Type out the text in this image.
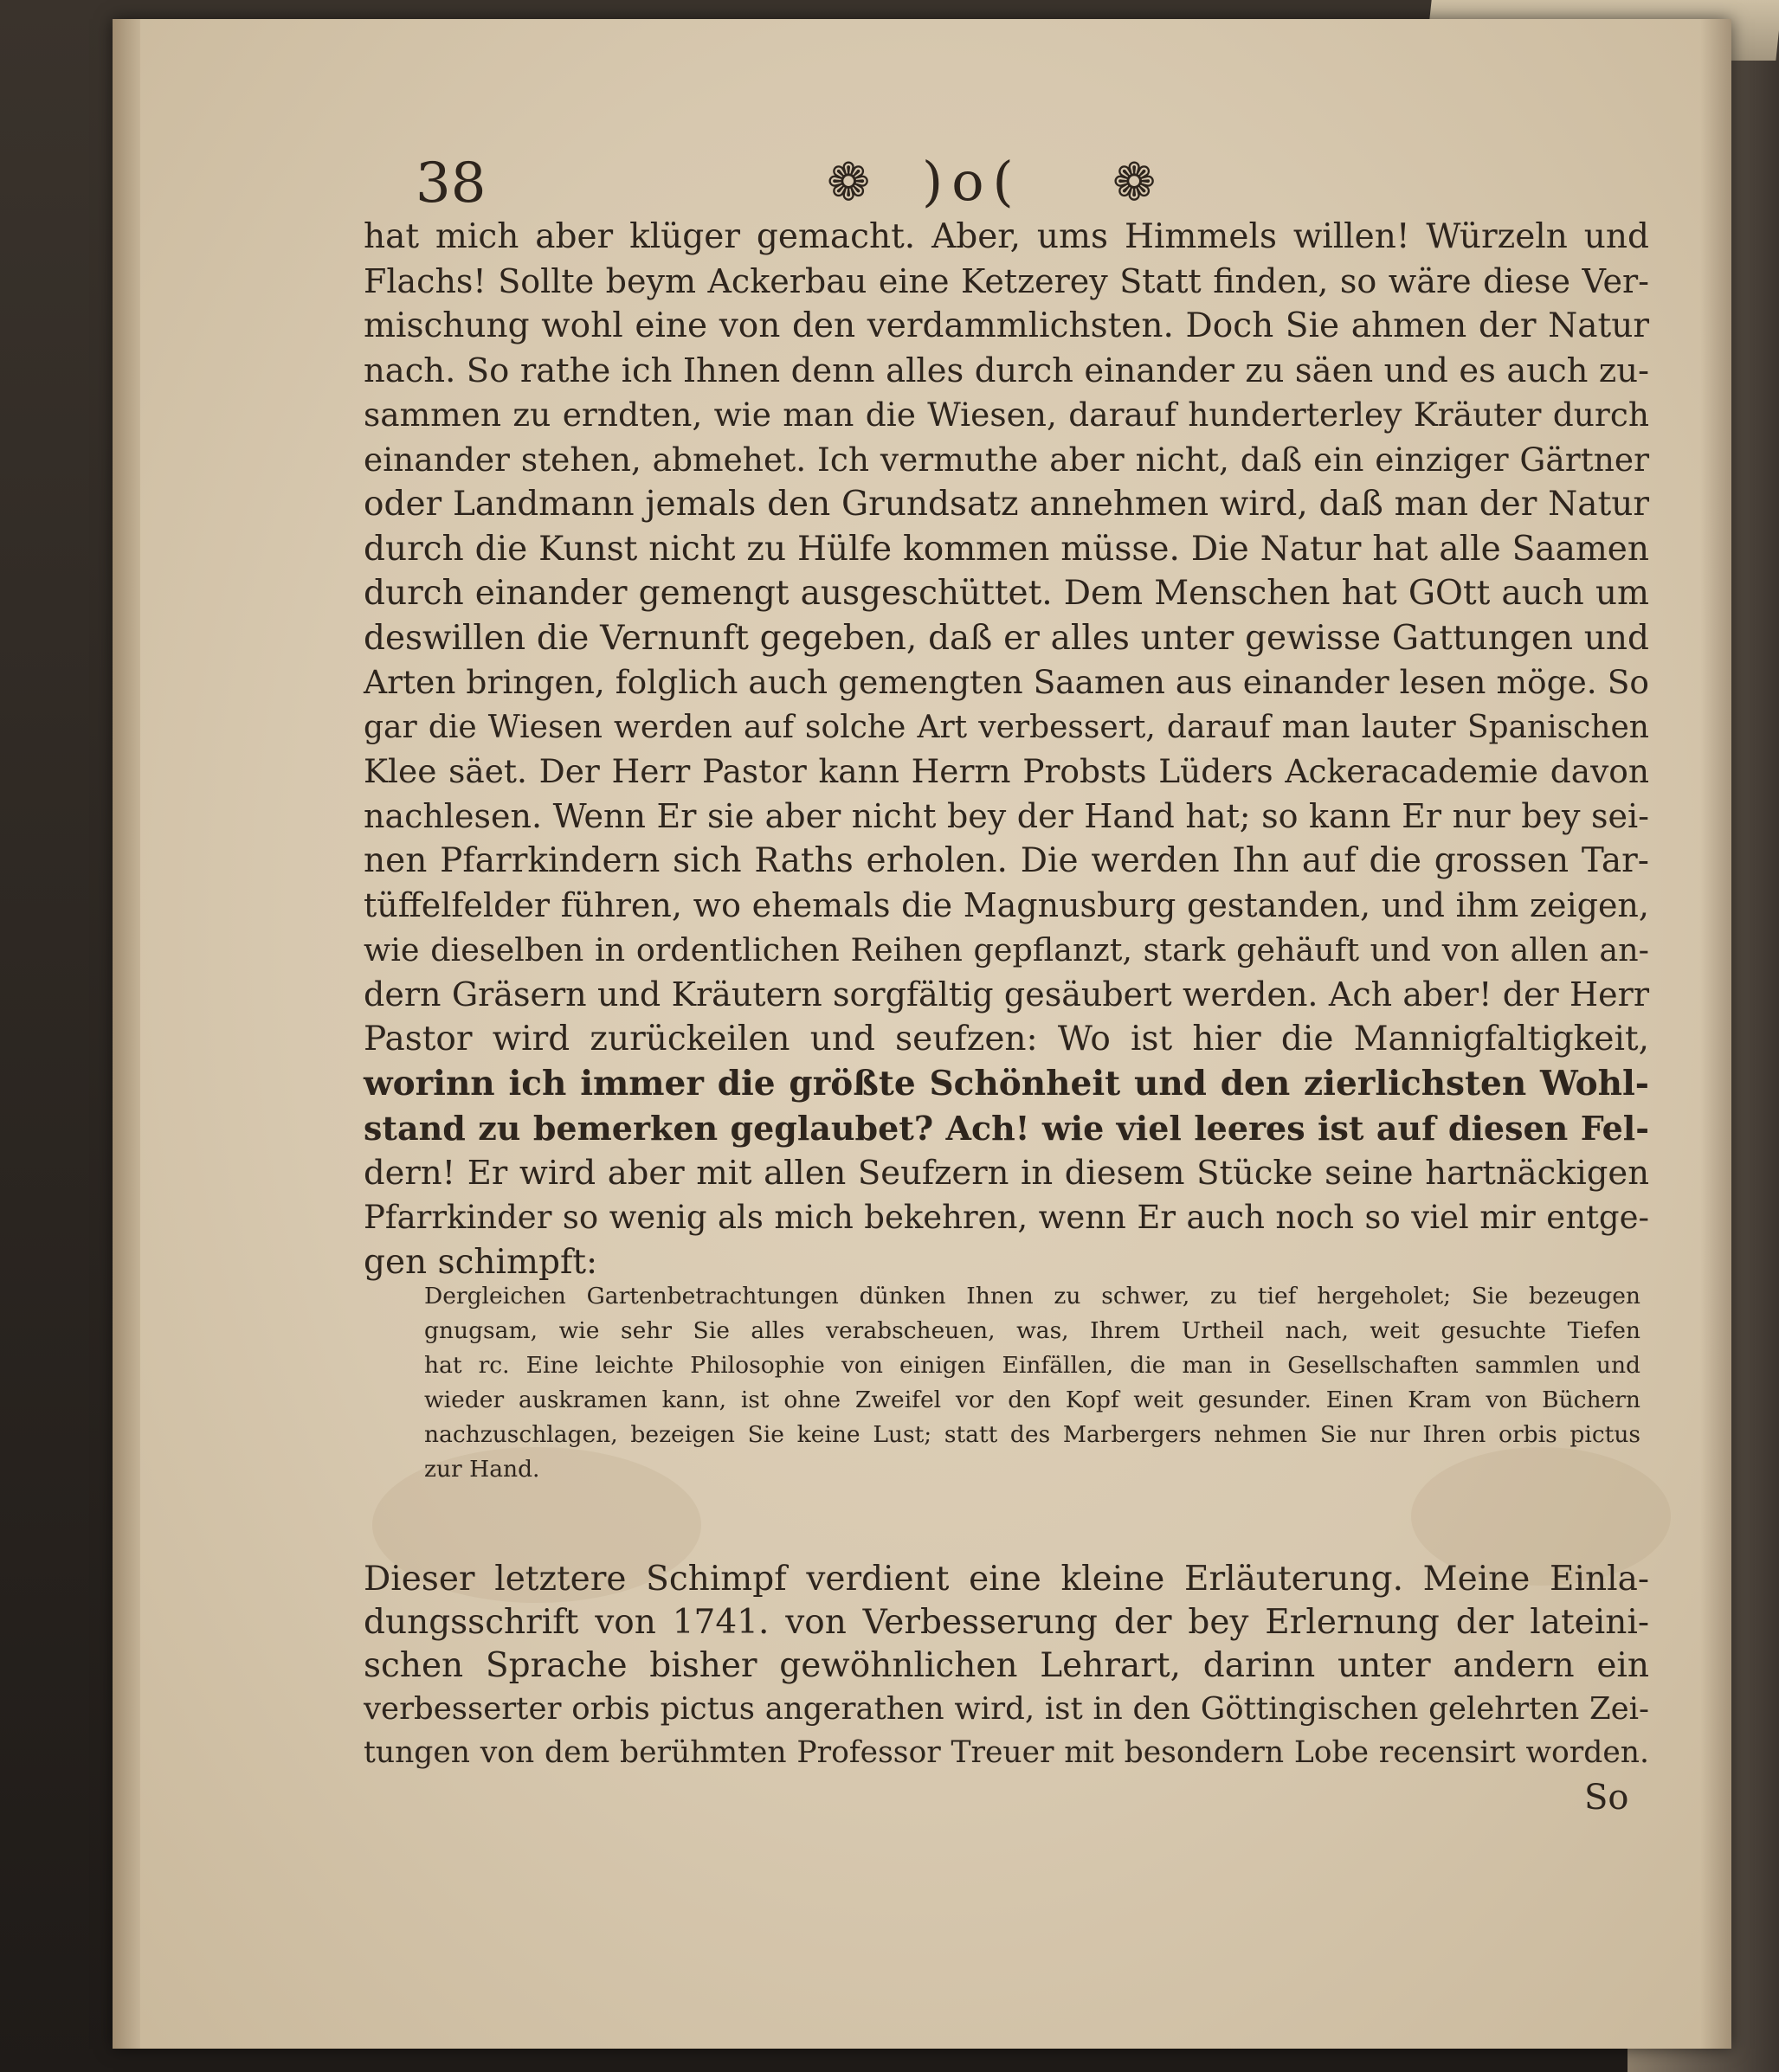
38	❁ )o( ❁
hat mich aber klüger gemacht. Aber, ums Himmels willen! Würzeln und
Flachs! Sollte beym Ackerbau eine Ketzerey Statt finden, so wäre diese Ver-
mischung wohl eine von den verdammlichsten. Doch Sie ahmen der Natur
nach. So rathe ich Ihnen denn alles durch einander zu säen und es auch zu-
sammen zu erndten, wie man die Wiesen, darauf hunderterley Kräuter durch
einander stehen, abmehet. Ich vermuthe aber nicht, daß ein einziger Gärtner
oder Landmann jemals den Grundsatz annehmen wird, daß man der Natur
durch die Kunst nicht zu Hülfe kommen müsse. Die Natur hat alle Saamen
durch einander gemengt ausgeschüttet. Dem Menschen hat GOtt auch um
deswillen die Vernunft gegeben, daß er alles unter gewisse Gattungen und
Arten bringen, folglich auch gemengten Saamen aus einander lesen möge. So
gar die Wiesen werden auf solche Art verbessert, darauf man lauter Spanischen
Klee säet. Der Herr Pastor kann Herrn Probsts Lüders Ackeracademie davon
nachlesen. Wenn Er sie aber nicht bey der Hand hat; so kann Er nur bey sei-
nen Pfarrkindern sich Raths erholen. Die werden Ihn auf die grossen Tar-
tüffelfelder führen, wo ehemals die Magnusburg gestanden, und ihm zeigen,
wie dieselben in ordentlichen Reihen gepflanzt, stark gehäuft und von allen an-
dern Gräsern und Kräutern sorgfältig gesäubert werden. Ach aber! der Herr
Pastor wird zurückeilen und seufzen: Wo ist hier die Mannigfaltigkeit,
worinn ich immer die größte Schönheit und den zierlichsten Wohl-
stand zu bemerken geglaubet? Ach! wie viel leeres ist auf diesen Fel-
dern! Er wird aber mit allen Seufzern in diesem Stücke seine hartnäckigen
Pfarrkinder so wenig als mich bekehren, wenn Er auch noch so viel mir entge-
gen schimpft:
Dergleichen Gartenbetrachtungen dünken Ihnen zu schwer, zu tief hergeholet; Sie bezeugen
gnugsam, wie sehr Sie alles verabscheuen, was, Ihrem Urtheil nach, weit gesuchte Tiefen
hat rc. Eine leichte Philosophie von einigen Einfällen, die man in Gesellschaften sammlen und
wieder auskramen kann, ist ohne Zweifel vor den Kopf weit gesunder. Einen Kram von Büchern
nachzuschlagen, bezeigen Sie keine Lust; statt des Marbergers nehmen Sie nur Ihren orbis pictus
zur Hand.
Dieser letztere Schimpf verdient eine kleine Erläuterung. Meine Einla-
dungsschrift von 1741. von Verbesserung der bey Erlernung der lateini-
schen Sprache bisher gewöhnlichen Lehrart, darinn unter andern ein
verbesserter orbis pictus angerathen wird, ist in den Göttingischen gelehrten Zei-
tungen von dem berühmten Professor Treuer mit besondern Lobe recensirt worden.
So
